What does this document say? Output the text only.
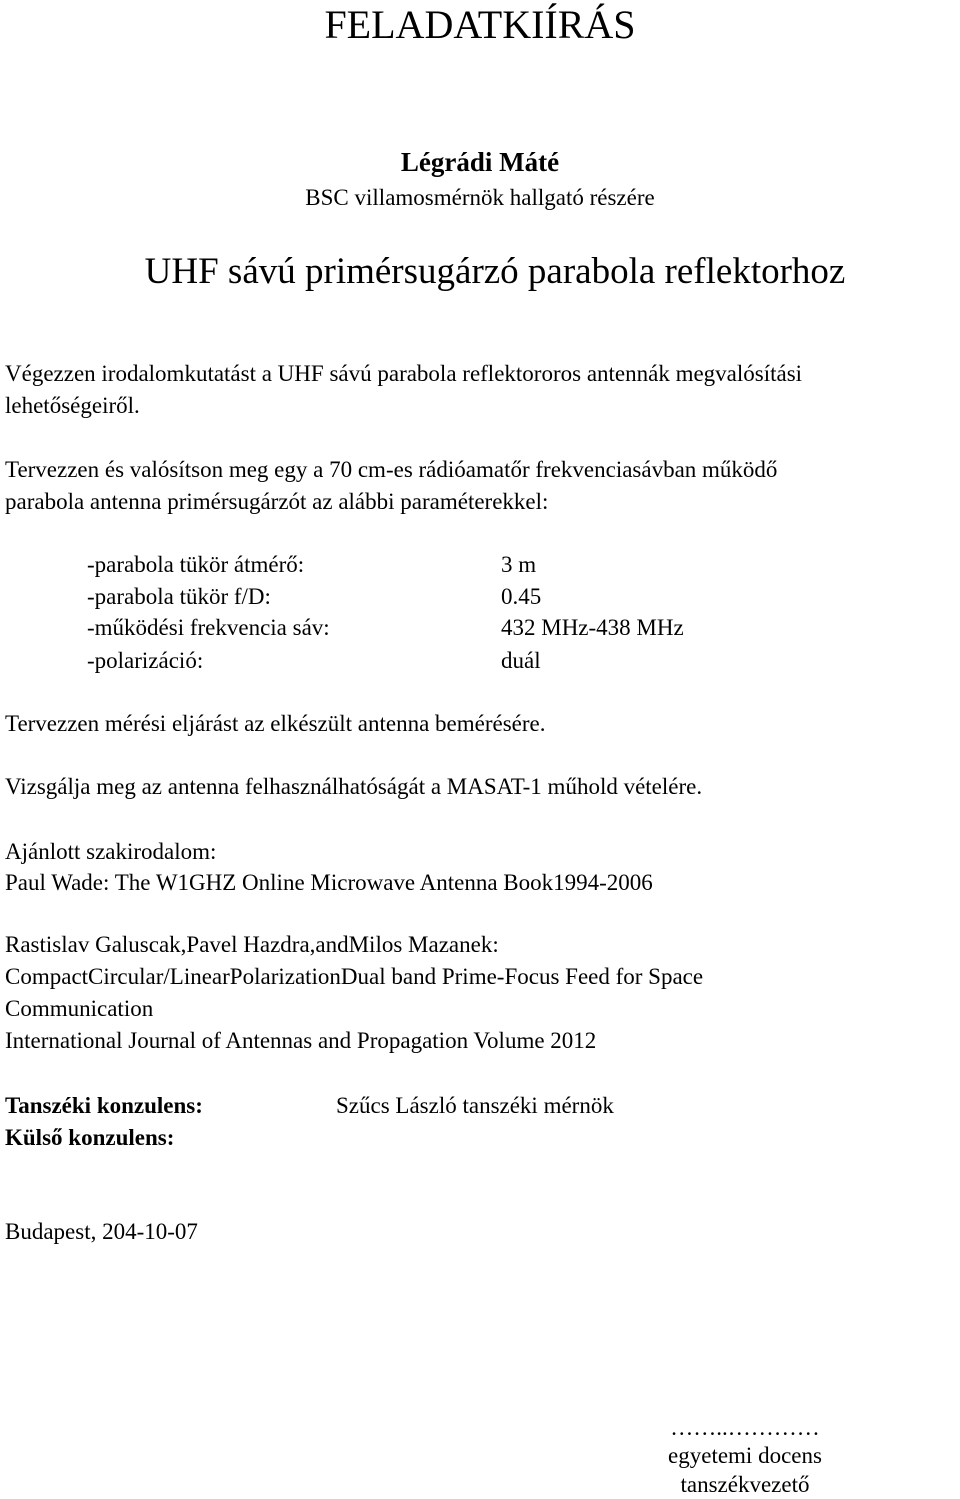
FELADATKIÍRÁS
Légrádi Máté
BSC villamosmérnök hallgató részére
UHF sávú primérsugárzó parabola reflektorhoz
Végezzen irodalomkutatást a UHF sávú parabola reflektororos antennák megvalósítási
lehetőségeiről.
Tervezzen és valósítson meg egy a 70 cm-es rádióamatőr frekvenciasávban működő
parabola antenna primérsugárzót az alábbi paraméterekkel:
-parabola tükör átmérő:	3 m
-parabola tükör f/D:	0.45
-működési frekvencia sáv:	432 MHz-438 MHz
-polarizáció:	duál
Tervezzen mérési eljárást az elkészült antenna bemérésére.
Vizsgálja meg az antenna felhasználhatóságát a MASAT-1 műhold vételére.
Ajánlott szakirodalom:
Paul Wade: The W1GHZ Online Microwave Antenna Book1994-2006
Rastislav Galuscak,Pavel Hazdra,andMilos Mazanek:
CompactCircular/LinearPolarizationDual band Prime-Focus Feed for Space
Communication
International Journal of Antennas and Propagation Volume 2012
Tanszéki konzulens:	Szűcs László tanszéki mérnök
Külső konzulens:
Budapest, 204-10-07
……..…………
egyetemi docens
tanszékvezető
